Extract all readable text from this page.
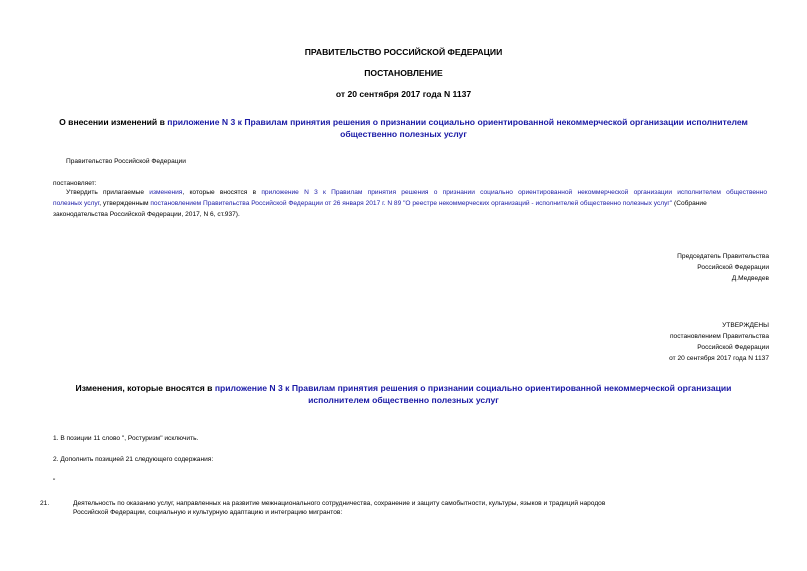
ПРАВИТЕЛЬСТВО РОССИЙСКОЙ ФЕДЕРАЦИИ
ПОСТАНОВЛЕНИЕ
от 20 сентября 2017 года N 1137
О внесении изменений в приложение N 3 к Правилам принятия решения о признании социально ориентированной некоммерческой организации исполнителем
общественно полезных услуг
Правительство Российской Федерации
постановляет:
Утвердить прилагаемые изменения, которые вносятся в приложение N 3 к Правилам принятия решения о признании социально ориентированной некоммерческой организации исполнителем общественно
полезных услуг, утвержденным постановлением Правительства Российской Федерации от 26 января 2017 г. N 89 "О реестре некоммерческих организаций - исполнителей общественно полезных услуг" (Собрание
законодательства Российской Федерации, 2017, N 6, ст.937).
Председатель Правительства
Российской Федерации
Д.Медведев
УТВЕРЖДЕНЫ
постановлением Правительства
Российской Федерации
от 20 сентября 2017 года N 1137
Изменения, которые вносятся в приложение N 3 к Правилам принятия решения о признании социально ориентированной некоммерческой организации
исполнителем общественно полезных услуг
1. В позиции 11 слово ", Ростуризм" исключить.
2. Дополнить позицией 21 следующего содержания:
"
21.	Деятельность по оказанию услуг, направленных на развитие межнационального сотрудничества, сохранение и защиту самобытности, культуры, языков и традиций народов
Российской Федерации, социальную и культурную адаптацию и интеграцию мигрантов:
